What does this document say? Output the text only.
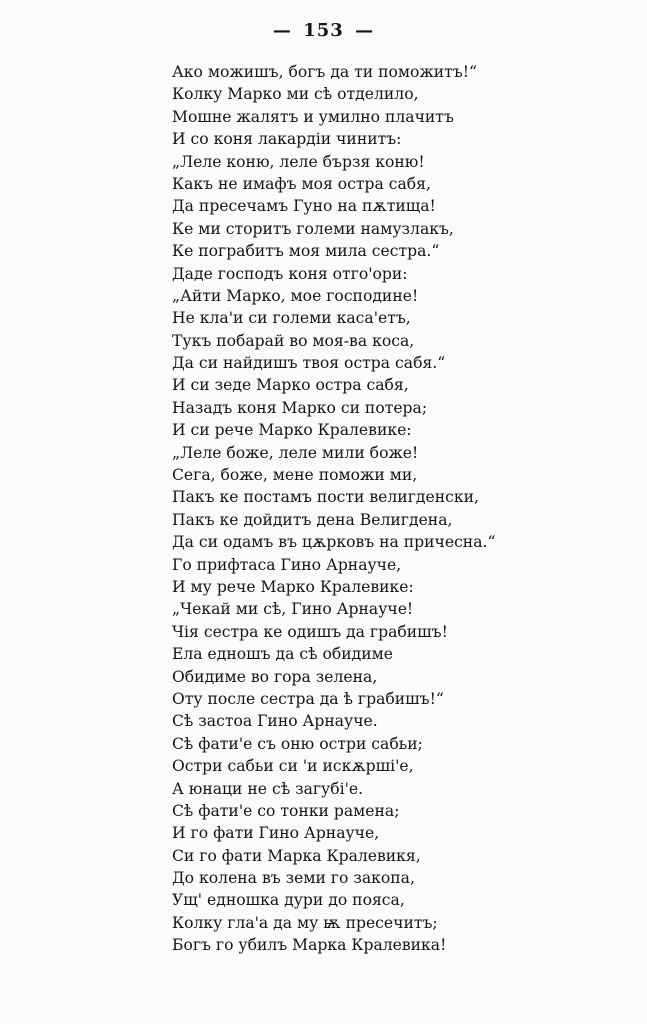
— 153 —
Ако можишъ, богъ да ти поможитъ!“
Колку Марко ми сѣ отделило,
Мошне жалятъ и умилно плачитъ
И со коня лакардіи чинитъ:
„Леле коню, леле бързя коню!
Какъ не имафъ моя остра сабя,
Да пресечамъ Гуно на пѫтища!
Ке ми сторитъ големи намузлакъ,
Ке пограбитъ моя мила сестра.“
Даде господъ коня отго'ори:
„Айти Марко, мое господине!
Не кла'и си големи каса'етъ,
Тукъ побарай во моя-ва коса,
Да си найдишъ твоя остра сабя.“
И си зеде Марко остра сабя,
Назадъ коня Марко си потера;
И си рече Марко Кралевике:
„Леле боже, леле мили боже!
Сега, боже, мене поможи ми,
Пакъ ке постамъ пости велигденски,
Пакъ ке дойдитъ дена Велигдена,
Да си одамъ въ цѫрковъ на причесна.“
Го прифтаса Гино Арнауче,
И му рече Марко Кралевике:
„Чекай ми сѣ, Гино Арнауче!
Чія сестра ке одишъ да грабишъ!
Ела едношъ да сѣ обидиме
Обидиме во гора зелена,
Оту после сестра да ѣ грабишъ!“
Сѣ застоа Гино Арнауче.
Сѣ фати'е съ оню остри сабьи;
Остри сабьи си 'и искѫрші'е,
А юнаци не сѣ загубі'е.
Сѣ фати'е со тонки рамена;
И го фати Гино Арнауче,
Си го фати Марка Кралевикя,
До колена въ земи го закопа,
Ущ' едношка дури до пояса,
Колку гла'а да му ѭ пресечитъ;
Богъ го убилъ Марка Кралевика!
